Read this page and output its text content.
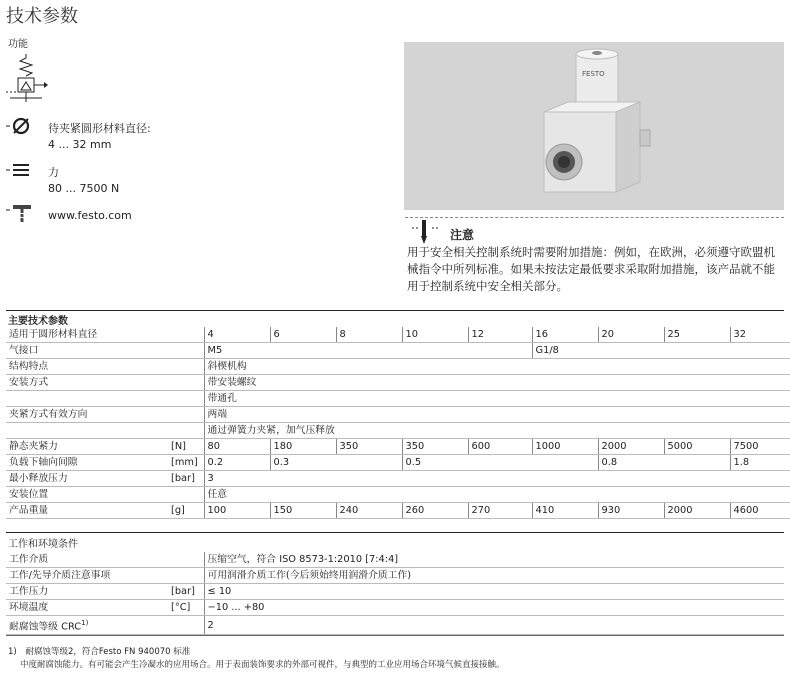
技术参数
功能
待夹紧圆形材料直径:
4 ... 32 mm
力
80 ... 7500 N
www.festo.com
FESTO
注意
用于安全相关控制系统时需要附加措施：例如，在欧洲，必须遵守欧盟机械指令中所列标准。如果未按法定最低要求采取附加措施，该产品就不能用于控制系统中安全相关部分。
主要技术参数
适用于圆形材料直径		4	6	8	10	12	16	20	25	32
气接口		M5					G1/8			
结构特点		斜楔机构								
安装方式		带安装螺纹								
		带通孔								
夹紧方式有效方向		两端								
		通过弹簧力夹紧，加气压释放								
静态夹紧力	[N]	80	180	350	350	600	1000	2000	5000	7500
负载下轴向间隙	[mm]	0.2	0.3		0.5			0.8		1.8
最小释放压力	[bar]	3								
安装位置		任意								
产品重量	[g]	100	150	240	260	270	410	930	2000	4600
工作和环境条件
工作介质		压缩空气，符合 ISO 8573-1:2010 [7:4:4]
工作/先导介质注意事项		可用润滑介质工作(今后须始终用润滑介质工作)
工作压力	[bar]	≤ 10
环境温度	[°C]	−10 ... +80
耐腐蚀等级 CRC$^{1)}$		2
1) 耐腐蚀等级2，符合Festo FN 940070 标准
中度耐腐蚀能力。有可能会产生冷凝水的应用场合。用于表面装饰要求的外部可视件，与典型的工业应用场合环境气候直接接触。
